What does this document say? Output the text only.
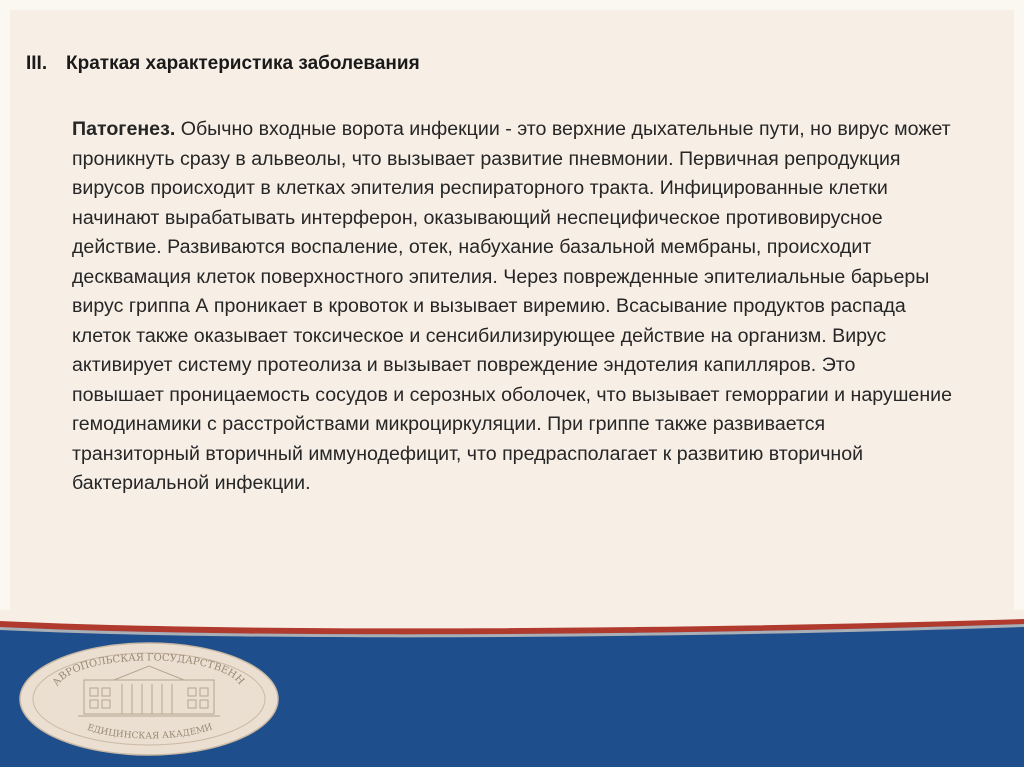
III. Краткая характеристика заболевания

Патогенез. Обычно входные ворота инфекции - это верхние дыхательные пути, но вирус может проникнуть сразу в альвеолы, что вызывает развитие пневмонии. Первичная репродукция вирусов происходит в клетках эпителия респираторного тракта. Инфицированные клетки начинают вырабатывать интерферон, оказывающий неспецифическое противовирусное действие. Развиваются воспаление, отек, набухание базальной мембраны, происходит десквамация клеток поверхностного эпителия. Через поврежденные эпителиальные барьеры вирус гриппа А проникает в кровоток и вызывает виремию. Всасывание продуктов распада клеток также оказывает токсическое и сенсибилизирующее действие на организм. Вирус активирует систему протеолиза и вызывает повреждение эндотелия капилляров. Это повышает проницаемость сосудов и серозных оболочек, что вызывает геморрагии и нарушение гемодинамики с расстройствами микроциркуляции. При гриппе также развивается транзиторный вторичный иммунодефицит, что предрасполагает к развитию вторичной бактериальной инфекции.

АВРОПОЛЬСКАЯ ГОСУДАРСТВЕНН
ЕДИЦИНСКАЯ АКАДЕМИ
